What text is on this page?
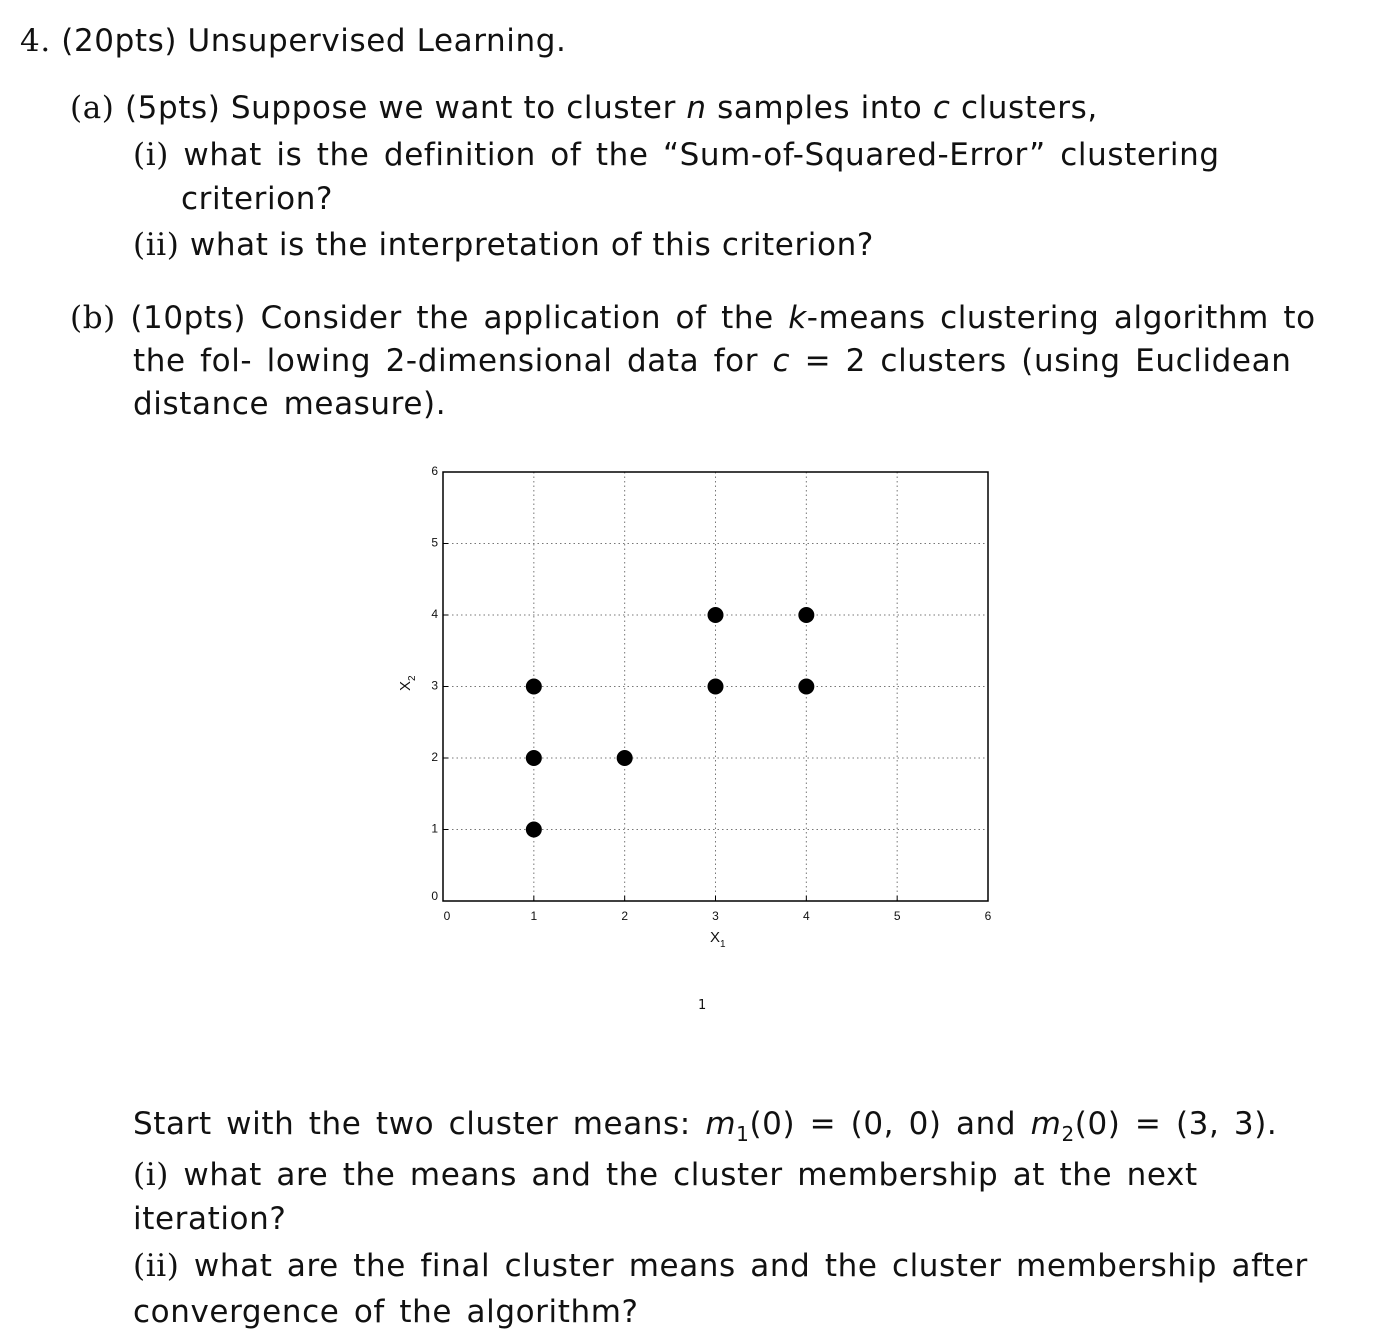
4. (20pts) Unsupervised Learning.
(a) (5pts) Suppose we want to cluster n samples into c clusters,
(i) what is the definition of the “Sum-of-Squared-Error” clustering
criterion?
(ii) what is the interpretation of this criterion?
(b) (10pts) Consider the application of the k-means clustering algorithm to
the fol- lowing 2-dimensional data for c = 2 clusters (using Euclidean
distance measure).
0	1	2	3	4	5	6
0
1
2
3
4
5
6
$X_1$
$X_2$
1
Start with the two cluster means: $m_1(0) = (0$, 0) and $m_2(0) = (3$, 3).
(i) what are the means and the cluster membership at the next
iteration?
(ii) what are the final cluster means and the cluster membership after
convergence of the algorithm?
